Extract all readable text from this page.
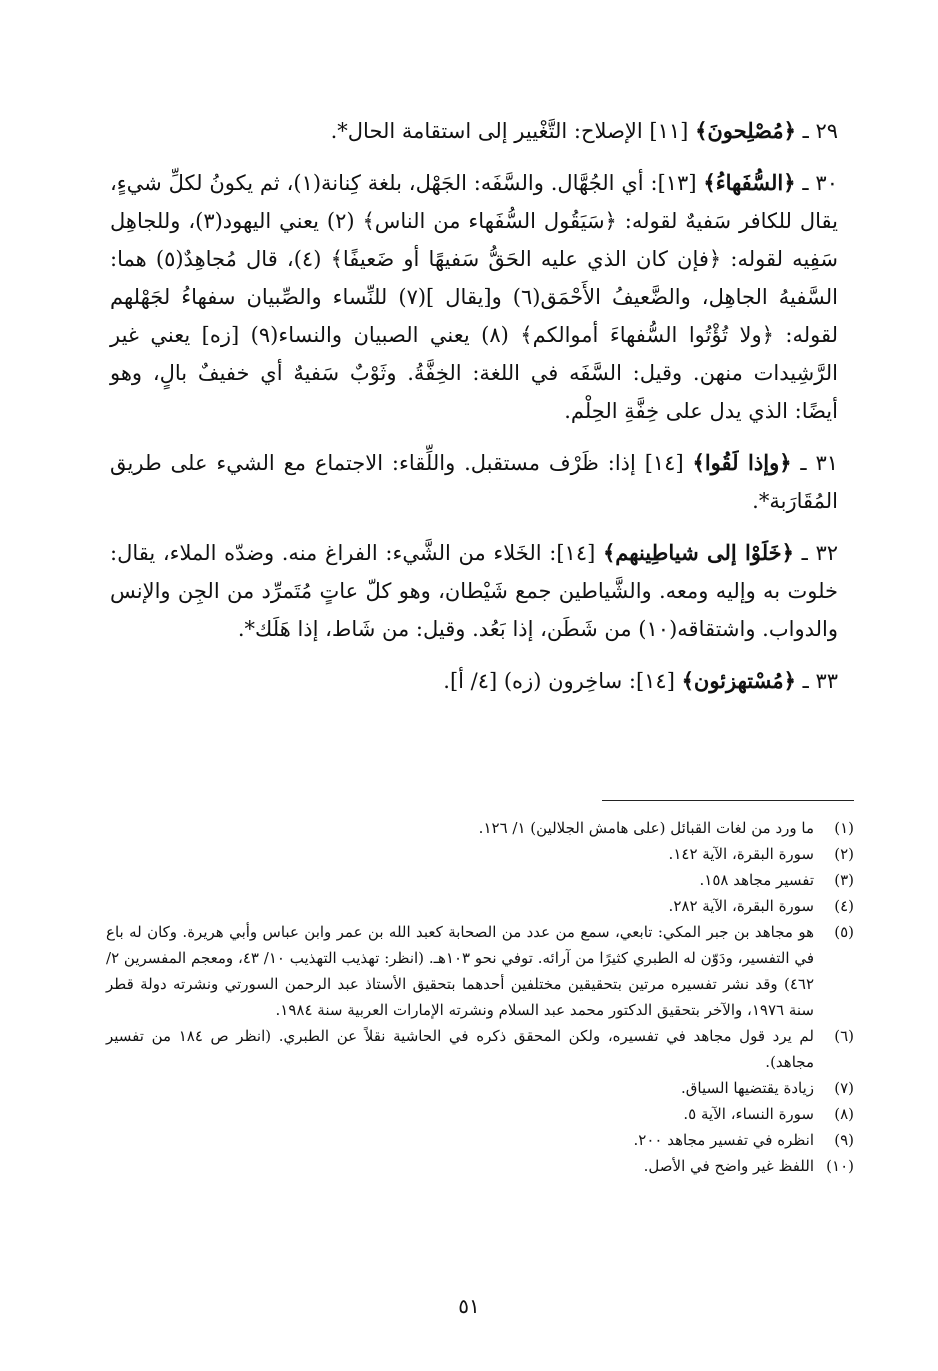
٢٩ ـ ﴿مُصْلِحونَ﴾ [١١] الإصلاح: التَّغْيير إلى استقامة الحال*.

٣٠ ـ ﴿السُّفَهاءُ﴾ [١٣]: أي الجُهَّال. والسَّفَه: الجَهْل، بلغة كِنانة(١)، ثم يكونُ لكلِّ شيءٍ، يقال للكافر سَفيهٌ لقوله: ﴿سَيَقُول السُّفَهاء من الناس﴾ (٢) يعني اليهود(٣)، وللجاهِل سَفِيه لقوله: ﴿فإن كان الذي عليه الحَقُّ سَفيهًا أو ضَعيفًا﴾ (٤)، قال مُجاهِدٌ(٥) هما: السَّفيهُ الجاهِل، والضَّعيفُ الأَحْمَق(٦) و[يقال ](٧) للنِّساء والصِّبيان سفهاءُ لجَهْلهم لقوله: ﴿ولا تُؤْتُوا السُّفهاءَ أموالكم﴾ (٨) يعني الصبيان والنساء(٩) [زه] يعني غير الرَّشِيدات منهن. وقيل: السَّفَه في اللغة: الخِفَّةُ. وثَوْبٌ سَفيهٌ أي خفيفٌ بالٍ، وهو أيضًا: الذي يدل على خِفَّةِ الحِلْم.

٣١ ـ ﴿وإذا لَقُوا﴾ [١٤] إذا: ظَرْف مستقبل. واللِّقاء: الاجتماع مع الشيء على طريق المُقَارَبة*.

٣٢ ـ ﴿خَلَوْا إلى شياطِينهم﴾ [١٤]: الخَلاء من الشَّيء: الفراغ منه. وضدّه الملاء، يقال: خلوت به وإليه ومعه. والشَّياطين جمع شَيْطان، وهو كلّ عاتٍ مُتَمرِّد من الجِن والإنس والدواب. واشتقاقه(١٠) من شَطَن، إذا بَعُد. وقيل: من شَاط، إذا هَلَك*.

٣٣ ـ ﴿مُسْتهزئون﴾ [١٤]: ساخِرون (زه) [٤/ أ].

(١)
ما ورد من لغات القبائل (على هامش الجلالين) ١/ ١٢٦.
(٢)
سورة البقرة، الآية ١٤٢.
(٣)
تفسير مجاهد ١٥٨.
(٤)
سورة البقرة، الآية ٢٨٢.
(٥)
هو مجاهد بن جبر المكي: تابعي، سمع من عدد من الصحابة كعبد الله بن عمر وابن عباس وأبي هريرة. وكان له باع في التفسير، ودَوّن له الطبري كثيرًا من آرائه. توفي نحو ١٠٣هـ. (انظر: تهذيب التهذيب ١٠/ ٤٣، ومعجم المفسرين ٢/ ٤٦٢) وقد نشر تفسيره مرتين بتحقيقين مختلفين أحدهما بتحقيق الأستاذ عبد الرحمن السورتي ونشرته دولة قطر سنة ١٩٧٦، والآخر بتحقيق الدكتور محمد عبد السلام ونشرته الإمارات العربية سنة ١٩٨٤.
(٦)
لم يرد قول مجاهد في تفسيره، ولكن المحقق ذكره في الحاشية نقلاً عن الطبري. (انظر ص ١٨٤ من تفسير مجاهد).
(٧)
زيادة يقتضيها السياق.
(٨)
سورة النساء، الآية ٥.
(٩)
انظره في تفسير مجاهد ٢٠٠.
(١٠)
اللفظ غير واضح في الأصل.
٥١
